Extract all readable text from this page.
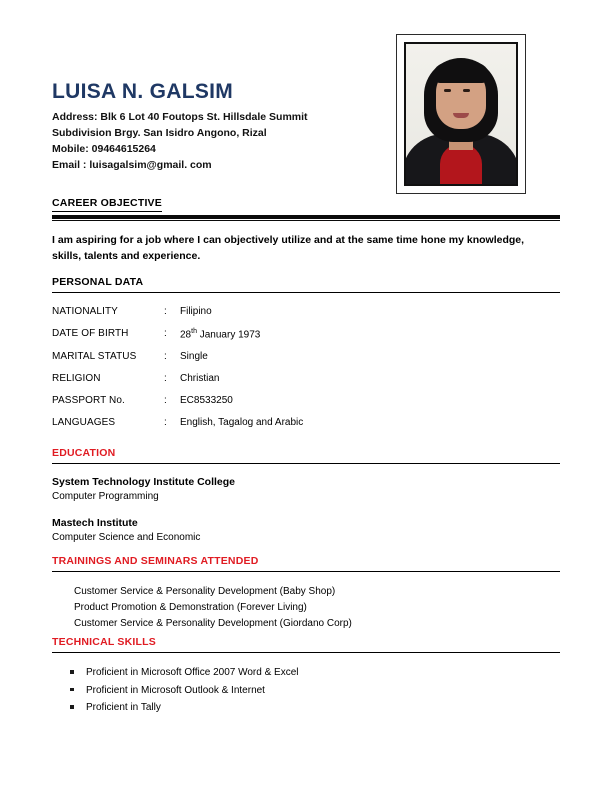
LUISA N. GALSIM
Address: Blk 6 Lot 40 Foutops St. Hillsdale Summit
Subdivision Brgy. San Isidro Angono, Rizal
Mobile: 09464615264
Email : luisagalsim@gmail. com
CAREER OBJECTIVE
I am aspiring for a job where I can objectively utilize and at the same time hone my knowledge, skills, talents and experience.
PERSONAL DATA
NATIONALITY	:	Filipino
DATE OF BIRTH	:	28th January 1973
MARITAL STATUS	:	Single
RELIGION	:	Christian
PASSPORT No.	:	EC8533250
LANGUAGES	:	English, Tagalog and Arabic
EDUCATION
System Technology Institute College
Computer Programming
Mastech Institute
Computer Science and Economic
TRAININGS AND SEMINARS ATTENDED
Customer Service & Personality Development (Baby Shop)
Product Promotion & Demonstration (Forever Living)
Customer Service & Personality Development (Giordano Corp)
TECHNICAL SKILLS
Proficient in Microsoft Office 2007 Word & Excel
Proficient in Microsoft Outlook & Internet
Proficient in Tally
